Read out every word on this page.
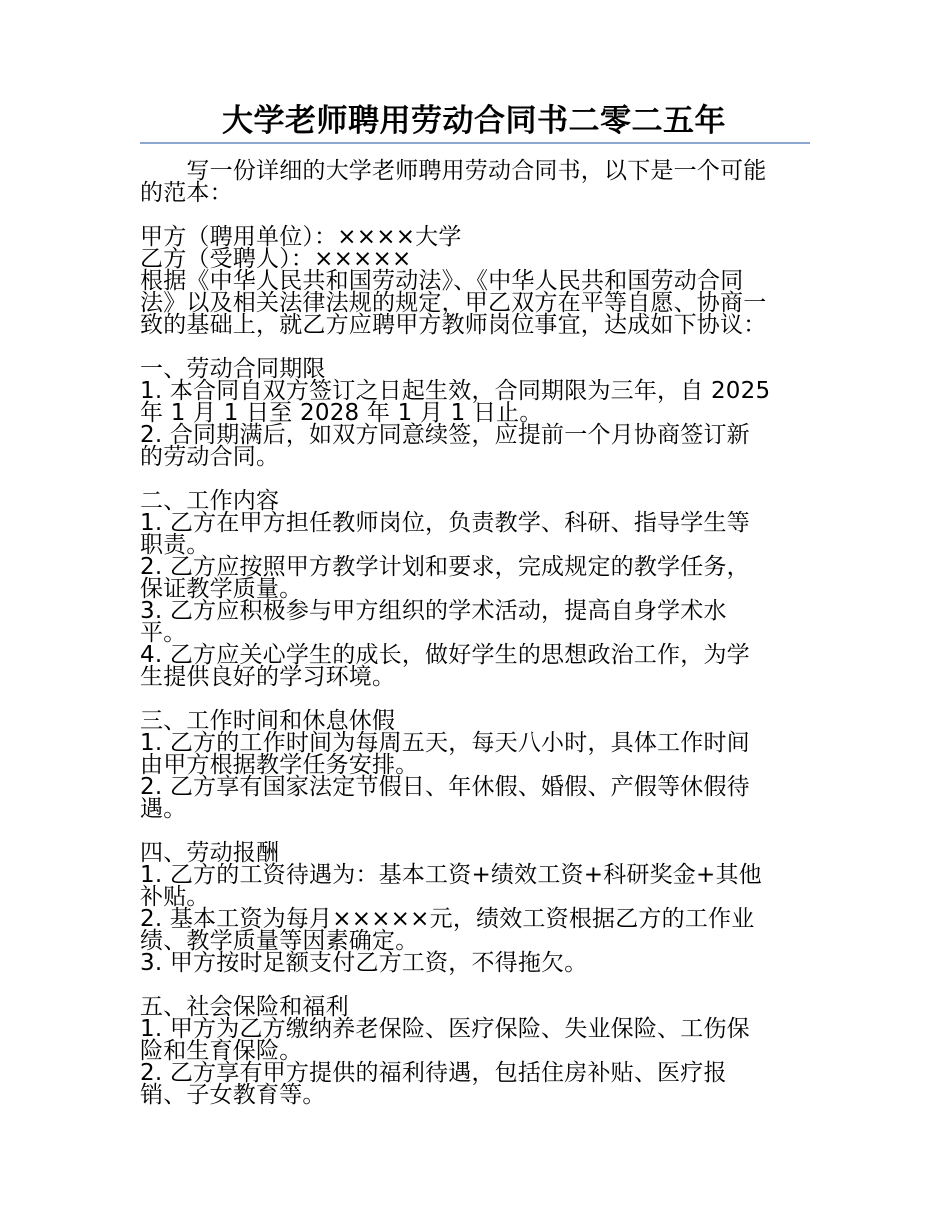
大学老师聘用劳动合同书二零二五年

　　写一份详细的大学老师聘用劳动合同书，以下是一个可能

的范本：

甲方（聘用单位）：××××大学

乙方（受聘人）：×××××

根据《中华人民共和国劳动法》、《中华人民共和国劳动合同

法》以及相关法律法规的规定，甲乙双方在平等自愿、协商一

致的基础上，就乙方应聘甲方教师岗位事宜，达成如下协议：

一、劳动合同期限

1. 本合同自双方签订之日起生效，合同期限为三年，自 2025

年 1 月 1 日至 2028 年 1 月 1 日止。

2. 合同期满后，如双方同意续签，应提前一个月协商签订新

的劳动合同。

二、工作内容

1. 乙方在甲方担任教师岗位，负责教学、科研、指导学生等

职责。

2. 乙方应按照甲方教学计划和要求，完成规定的教学任务，

保证教学质量。

3. 乙方应积极参与甲方组织的学术活动，提高自身学术水

平。

4. 乙方应关心学生的成长，做好学生的思想政治工作，为学

生提供良好的学习环境。

三、工作时间和休息休假

1. 乙方的工作时间为每周五天，每天八小时，具体工作时间

由甲方根据教学任务安排。

2. 乙方享有国家法定节假日、年休假、婚假、产假等休假待

遇。

四、劳动报酬

1. 乙方的工资待遇为：基本工资+绩效工资+科研奖金+其他

补贴。

2. 基本工资为每月×××××元，绩效工资根据乙方的工作业

绩、教学质量等因素确定。

3. 甲方按时足额支付乙方工资，不得拖欠。

五、社会保险和福利

1. 甲方为乙方缴纳养老保险、医疗保险、失业保险、工伤保

险和生育保险。

2. 乙方享有甲方提供的福利待遇，包括住房补贴、医疗报

销、子女教育等。
